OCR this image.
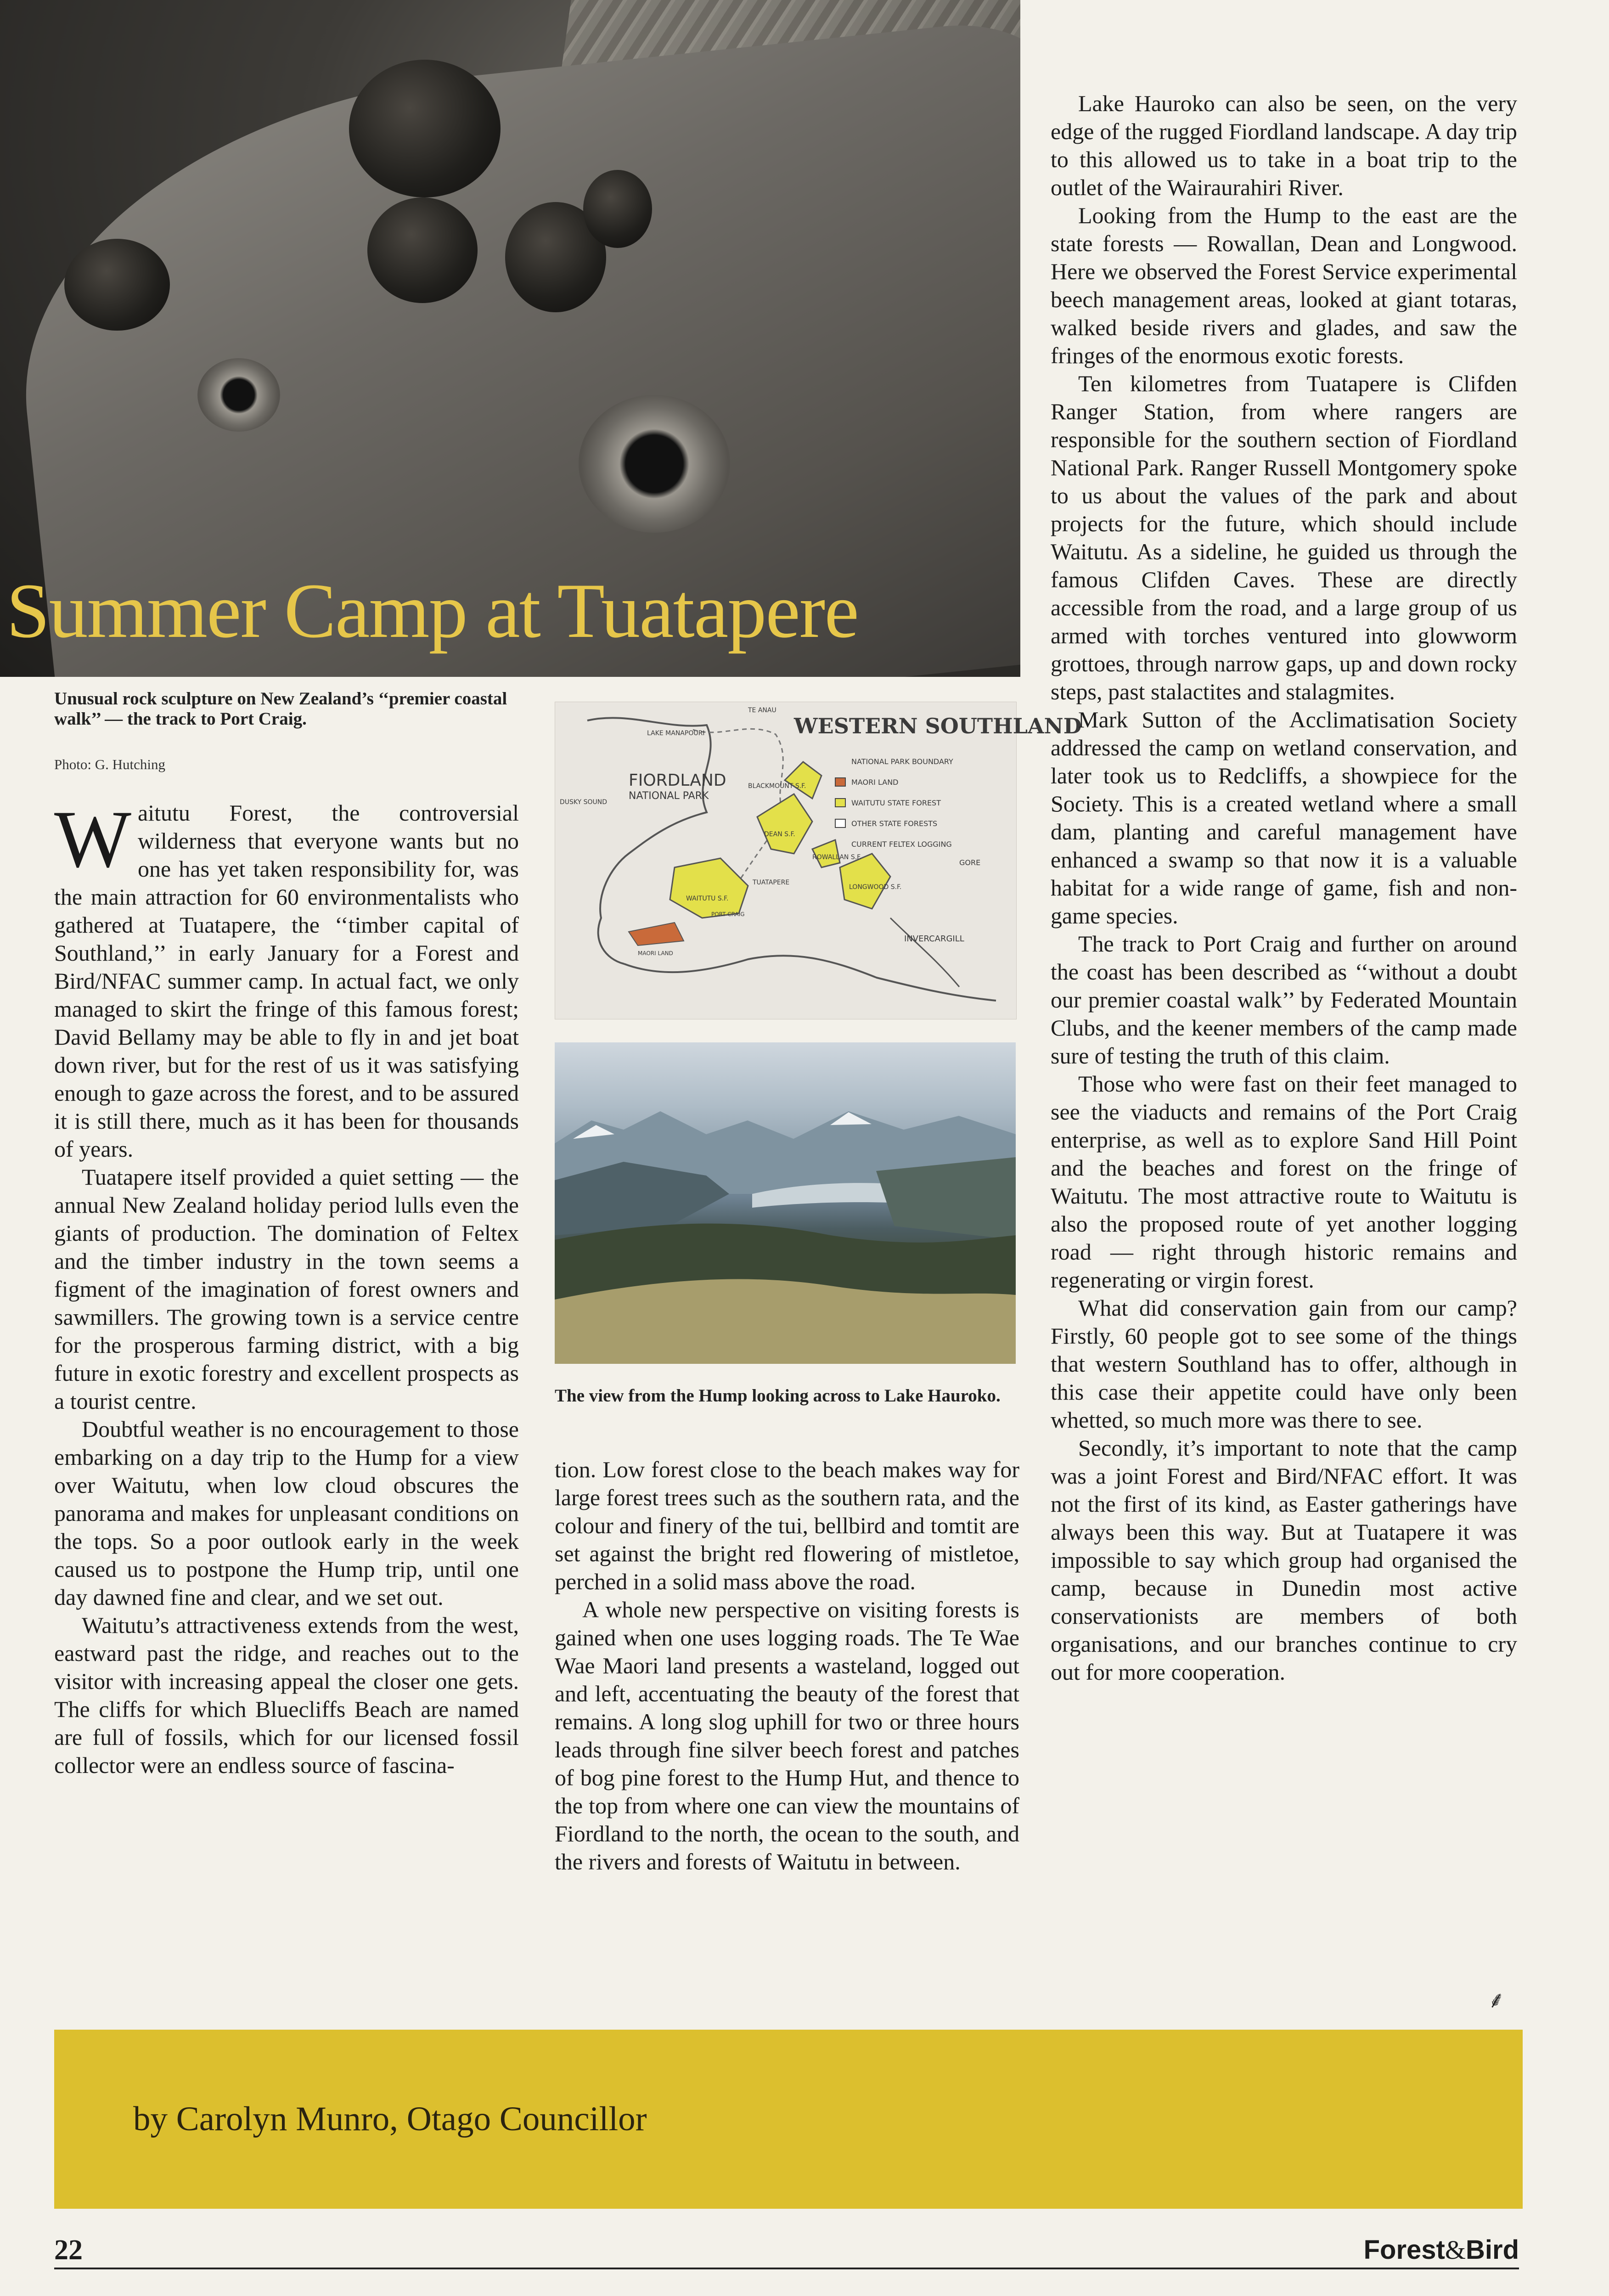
Summer Camp at Tuatapere
Unusual rock sculpture on New Zealand’s ‘‘premier coastal walk’’ — the track to Port Craig.
Photo: G. Hutching

Waitutu Forest, the controversial wilderness that everyone wants but no one has yet taken responsibility for, was the main attraction for 60 environmentalists who gathered at Tuatapere, the ‘‘timber capital of Southland,’’ in early January for a Forest and Bird/NFAC summer camp. In actual fact, we only managed to skirt the fringe of this famous forest; David Bellamy may be able to fly in and jet boat down river, but for the rest of us it was satisfying enough to gaze across the forest, and to be assured it is still there, much as it has been for thousands of years.

Tuatapere itself provided a quiet setting — the annual New Zealand holiday period lulls even the giants of production. The domination of Feltex and the timber industry in the town seems a figment of the imagination of forest owners and sawmillers. The growing town is a service centre for the prosperous farming district, with a big future in exotic forestry and excellent prospects as a tourist centre.

Doubtful weather is no encouragement to those embarking on a day trip to the Hump for a view over Waitutu, when low cloud obscures the panorama and makes for unpleasant conditions on the tops. So a poor outlook early in the week caused us to postpone the Hump trip, until one day dawned fine and clear, and we set out.

Waitutu’s attractiveness extends from the west, eastward past the ridge, and reaches out to the visitor with increasing appeal the closer one gets. The cliffs for which Bluecliffs Beach are named are full of fossils, which for our licensed fossil collector were an endless source of fascina-

WESTERN SOUTHLAND
NATIONAL PARK BOUNDARY
MAORI LAND
WAITUTU STATE FOREST
OTHER STATE FORESTS
CURRENT FELTEX LOGGING
FIORDLAND
NATIONAL PARK
LAKE MANAPOURI
TE ANAU
DUSKY SOUND
BLACKMOUNT S.F.
DEAN S.F.
ROWALLAN S.F.
TUATAPERE
LONGWOOD S.F.
GORE
INVERCARGILL
WAITUTU S.F.
PORT CRAIG
MAORI LAND
The view from the Hump looking across to Lake Hauroko.

tion. Low forest close to the beach makes way for large forest trees such as the southern rata, and the colour and finery of the tui, bellbird and tomtit are set against the bright red flowering of mistletoe, perched in a solid mass above the road.

A whole new perspective on visiting forests is gained when one uses logging roads. The Te Wae Wae Maori land presents a wasteland, logged out and left, accentuating the beauty of the forest that remains. A long slog uphill for two or three hours leads through fine silver beech forest and patches of bog pine forest to the Hump Hut, and thence to the top from where one can view the mountains of Fiordland to the north, the ocean to the south, and the rivers and forests of Waitutu in between.

Lake Hauroko can also be seen, on the very edge of the rugged Fiordland landscape. A day trip to this allowed us to take in a boat trip to the outlet of the Wairaurahiri River.

Looking from the Hump to the east are the state forests — Rowallan, Dean and Longwood. Here we observed the Forest Service experimental beech management areas, looked at giant totaras, walked beside rivers and glades, and saw the fringes of the enormous exotic forests.

Ten kilometres from Tuatapere is Clifden Ranger Station, from where rangers are responsible for the southern section of Fiordland National Park. Ranger Russell Montgomery spoke to us about the values of the park and about projects for the future, which should include Waitutu. As a sideline, he guided us through the famous Clifden Caves. These are directly accessible from the road, and a large group of us armed with torches ventured into glowworm grottoes, through narrow gaps, up and down rocky steps, past stalactites and stalagmites.

Mark Sutton of the Acclimatisation Society addressed the camp on wetland conservation, and later took us to Redcliffs, a showpiece for the Society. This is a created wetland where a small dam, planting and careful management have enhanced a swamp so that now it is a valuable habitat for a wide range of game, fish and non-game species.

The track to Port Craig and further on around the coast has been described as ‘‘without a doubt our premier coastal walk’’ by Federated Mountain Clubs, and the keener members of the camp made sure of testing the truth of this claim.

Those who were fast on their feet managed to see the viaducts and remains of the Port Craig enterprise, as well as to explore Sand Hill Point and the beaches and forest on the fringe of Waitutu. The most attractive route to Waitutu is also the proposed route of yet another logging road — right through historic remains and regenerating or virgin forest.

What did conservation gain from our camp? Firstly, 60 people got to see some of the things that western Southland has to offer, although in this case their appetite could have only been whetted, so much more was there to see.

Secondly, it’s important to note that the camp was a joint Forest and Bird/NFAC effort. It was not the first of its kind, as Easter gatherings have always been this way. But at Tuatapere it was impossible to say which group had organised the camp, because in Dunedin most active conservationists are members of both organisations, and our branches continue to cry out for more cooperation.

⸙
by Carolyn Munro, Otago Councillor
22	Forest&Bird
